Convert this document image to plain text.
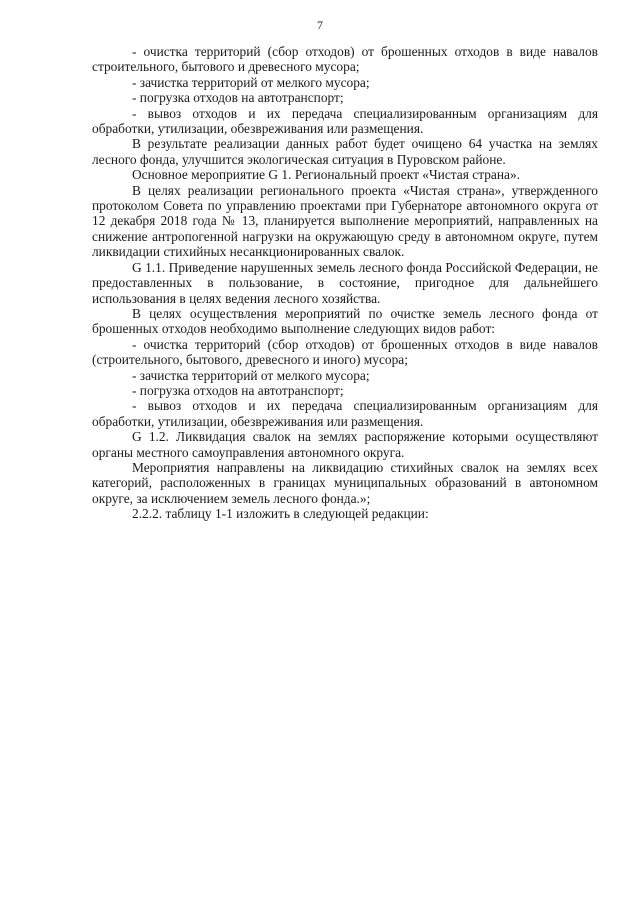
7

- очистка территорий (сбор отходов) от брошенных отходов в виде навалов строительного, бытового и древесного мусора;

- зачистка территорий от мелкого мусора;

- погрузка отходов на автотранспорт;

- вывоз отходов и их передача специализированным организациям для обработки, утилизации, обезвреживания или размещения.

В результате реализации данных работ будет очищено 64 участка на землях лесного фонда, улучшится экологическая ситуация в Пуровском районе.

Основное мероприятие G 1. Региональный проект «Чистая страна».

В целях реализации регионального проекта «Чистая страна», утвержденного протоколом Совета по управлению проектами при Губернаторе автономного округа от 12 декабря 2018 года № 13, планируется выполнение мероприятий, направленных на снижение антропогенной нагрузки на окружающую среду в автономном округе, путем ликвидации стихийных несанкционированных свалок.

G 1.1. Приведение нарушенных земель лесного фонда Российской Федерации, не предоставленных в пользование, в состояние, пригодное для дальнейшего использования в целях ведения лесного хозяйства.

В целях осуществления мероприятий по очистке земель лесного фонда от брошенных отходов необходимо выполнение следующих видов работ:

- очистка территорий (сбор отходов) от брошенных отходов в виде навалов (строительного, бытового, древесного и иного) мусора;

- зачистка территорий от мелкого мусора;

- погрузка отходов на автотранспорт;

- вывоз отходов и их передача специализированным организациям для обработки, утилизации, обезвреживания или размещения.

G 1.2. Ликвидация свалок на землях распоряжение которыми осуществляют органы местного самоуправления автономного округа.

Мероприятия направлены на ликвидацию стихийных свалок на землях всех категорий, расположенных в границах муниципальных образований в автономном округе, за исключением земель лесного фонда.»;

2.2.2. таблицу 1-1 изложить в следующей редакции:
